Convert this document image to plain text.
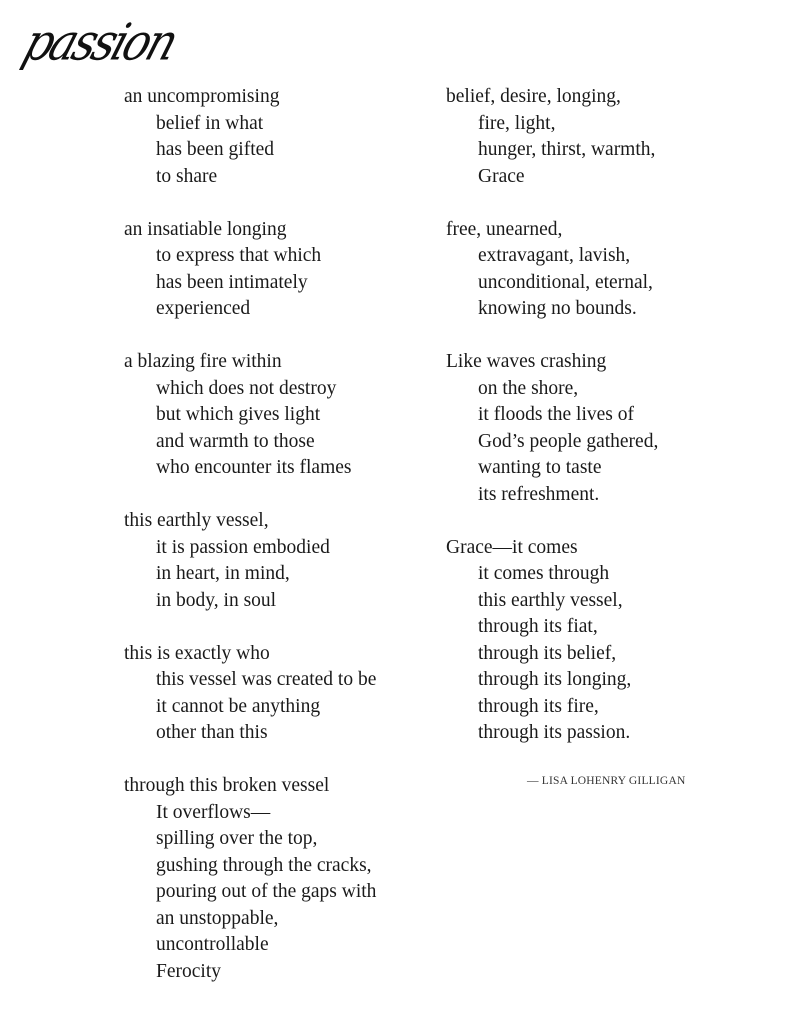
passion
an uncompromising
belief in what
has been gifted
to share
an insatiable longing
to express that which
has been intimately
experienced
a blazing fire within
which does not destroy
but which gives light
and warmth to those
who encounter its flames
this earthly vessel,
it is passion embodied
in heart, in mind,
in body, in soul
this is exactly who
this vessel was created to be
it cannot be anything
other than this
through this broken vessel
It overflows—
spilling over the top,
gushing through the cracks,
pouring out of the gaps with
an unstoppable,
uncontrollable
Ferocity
belief, desire, longing,
fire, light,
hunger, thirst, warmth,
Grace
free, unearned,
extravagant, lavish,
unconditional, eternal,
knowing no bounds.
Like waves crashing
on the shore,
it floods the lives of
God’s people gathered,
wanting to taste
its refreshment.
Grace—it comes
it comes through
this earthly vessel,
through its fiat,
through its belief,
through its longing,
through its fire,
through its passion.
— LISA LOHENRY GILLIGAN
